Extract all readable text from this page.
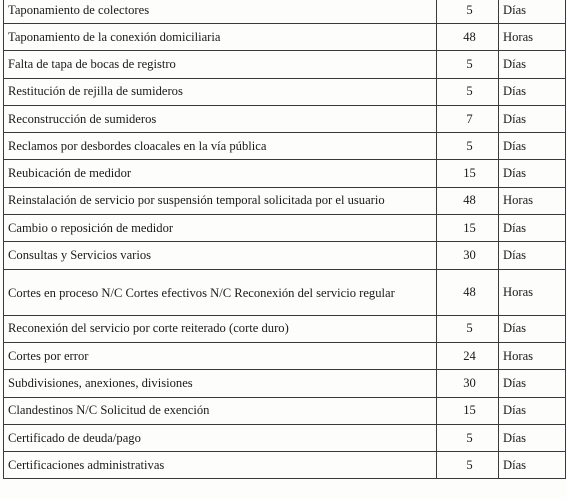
Taponamiento de colectores	5	Días
Taponamiento de la conexión domiciliaria	48	Horas
Falta de tapa de bocas de registro	5	Días
Restitución de rejilla de sumideros	5	Días
Reconstrucción de sumideros	7	Días
Reclamos por desbordes cloacales en la vía pública	5	Días
Reubicación de medidor	15	Días
Reinstalación de servicio por suspensión temporal solicitada por el usuario	48	Horas
Cambio o reposición de medidor	15	Días
Consultas y Servicios varios	30	Días
Cortes en proceso N/C Cortes efectivos N/C Reconexión del servicio regular	48	Horas
Reconexión del servicio por corte reiterado (corte duro)	5	Días
Cortes por error	24	Horas
Subdivisiones, anexiones, divisiones	30	Días
Clandestinos N/C Solicitud de exención	15	Días
Certificado de deuda/pago	5	Días
Certificaciones administrativas	5	Días
